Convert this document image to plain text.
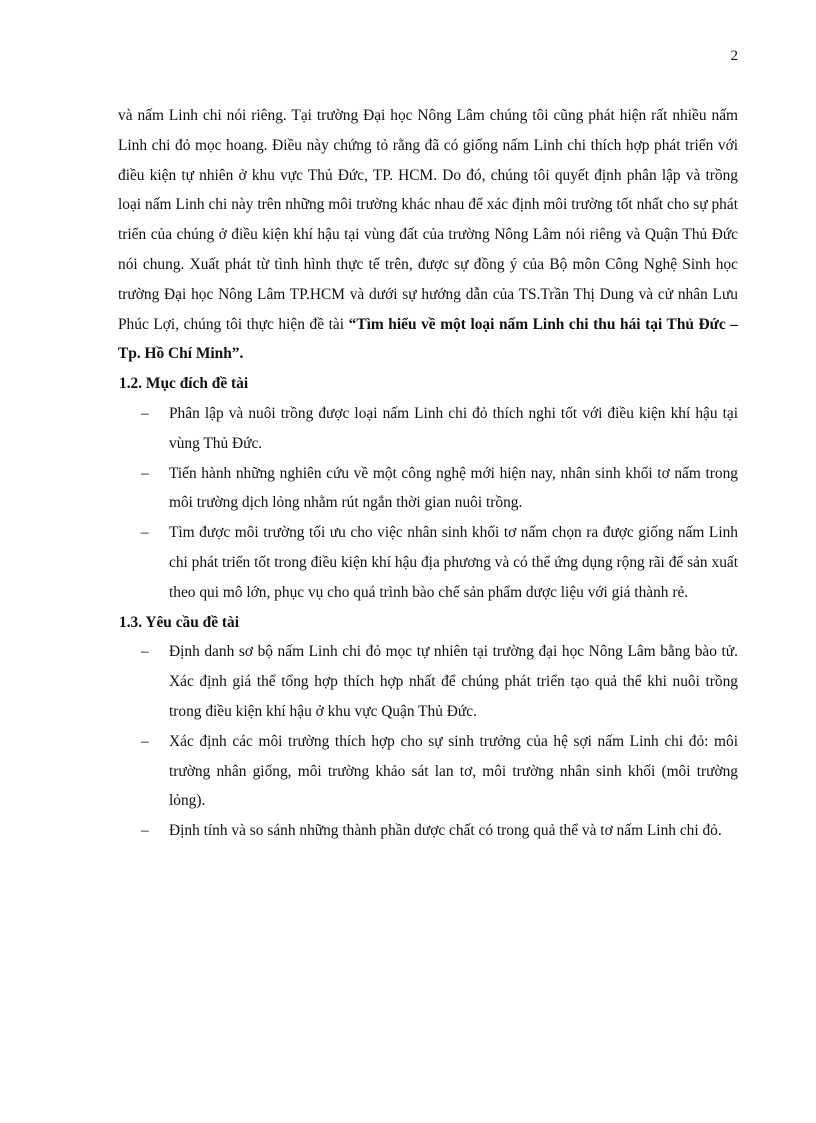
2

và nấm Linh chi nói riêng. Tại trường Đại học Nông Lâm chúng tôi cũng phát hiện rất nhiều nấm Linh chi đỏ mọc hoang. Điều này chứng tỏ rằng đã có giống nấm Linh chi thích hợp phát triển với điều kiện tự nhiên ở khu vực Thủ Đức, TP. HCM. Do đó, chúng tôi quyết định phân lập và trồng loại nấm Linh chi này trên những môi trường khác nhau để xác định môi trường tốt nhất cho sự phát triển của chúng ở điều kiện khí hậu tại vùng đất của trường Nông Lâm nói riêng và Quận Thủ Đức nói chung. Xuất phát từ tình hình thực tế trên, được sự đồng ý của Bộ môn Công Nghệ Sinh học trường Đại học Nông Lâm TP.HCM và dưới sự hướng dẫn của TS.Trần Thị Dung và cử nhân Lưu Phúc Lợi, chúng tôi thực hiện đề tài “Tìm hiểu về một loại nấm Linh chi thu hái tại Thủ Đức – Tp. Hồ Chí Minh”.

1.2. Mục đích đề tài

– Phân lập và nuôi trồng được loại nấm Linh chi đỏ thích nghi tốt với điều kiện khí hậu tại vùng Thủ Đức.
– Tiến hành những nghiên cứu về một công nghệ mới hiện nay, nhân sinh khối tơ nấm trong môi trường dịch lỏng nhằm rút ngắn thời gian nuôi trồng.
– Tìm được môi trường tối ưu cho việc nhân sinh khối tơ nấm chọn ra được giống nấm Linh chi phát triển tốt trong điều kiện khí hậu địa phương và có thể ứng dụng rộng rãi để sản xuất theo qui mô lớn, phục vụ cho quá trình bào chế sản phẩm dược liệu với giá thành rẻ.

1.3. Yêu cầu đề tài

– Định danh sơ bộ nấm Linh chi đỏ mọc tự nhiên tại trường đại học Nông Lâm bằng bào tử. Xác định giá thể tổng hợp thích hợp nhất để chúng phát triển tạo quả thể khi nuôi trồng trong điều kiện khí hậu ở khu vực Quận Thủ Đức.
– Xác định các môi trường thích hợp cho sự sinh trưởng của hệ sợi nấm Linh chi đỏ: môi trường nhân giống, môi trường khảo sát lan tơ, môi trường nhân sinh khối (môi trường lỏng).
– Định tính và so sánh những thành phần dược chất có trong quả thể và tơ nấm Linh chi đỏ.
